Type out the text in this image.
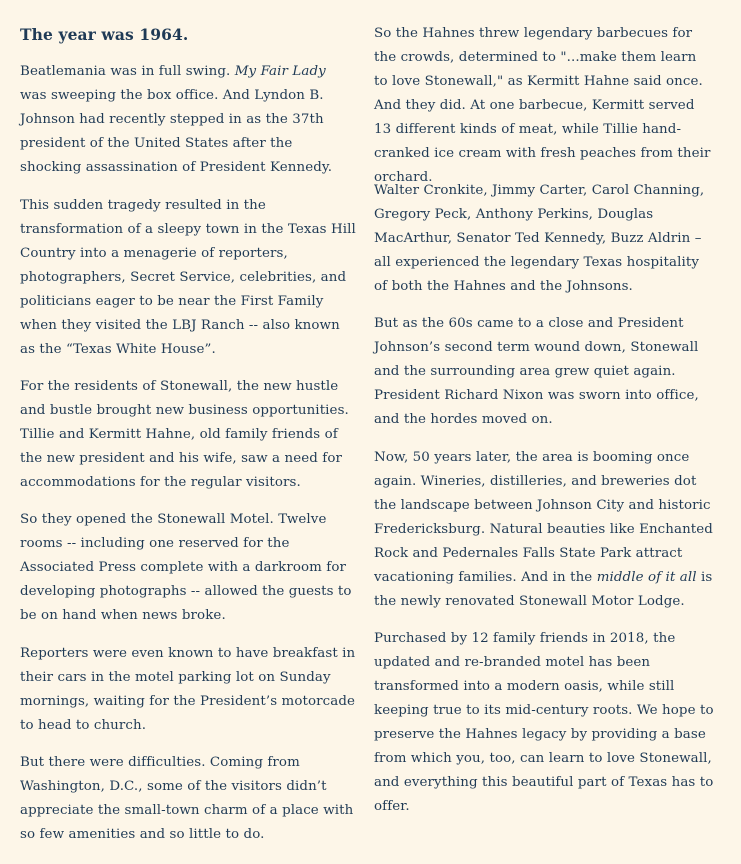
The year was 1964.

Beatlemania was in full swing. My Fair Lady was sweeping the box office. And Lyndon B. Johnson had recently stepped in as the 37th president of the United States after the shocking assassination of President Kennedy.

This sudden tragedy resulted in the transformation of a sleepy town in the Texas Hill Country into a menagerie of reporters, photographers, Secret Service, celebrities, and politicians eager to be near the First Family when they visited the LBJ Ranch -- also known as the “Texas White House”.

For the residents of Stonewall, the new hustle and bustle brought new business opportunities. Tillie and Kermitt Hahne, old family friends of the new president and his wife, saw a need for accommodations for the regular visitors.

So they opened the Stonewall Motel. Twelve rooms -- including one reserved for the Associated Press complete with a darkroom for developing photographs -- allowed the guests to be on hand when news broke.

Reporters were even known to have breakfast in their cars in the motel parking lot on Sunday mornings, waiting for the President’s motorcade to head to church.

But there were difficulties. Coming from Washington, D.C., some of the visitors didn’t appreciate the small-town charm of a place with so few amenities and so little to do.

So the Hahnes threw legendary barbecues for the crowds, determined to "...make them learn to love Stonewall," as Kermitt Hahne said once. And they did. At one barbecue, Kermitt served 13 different kinds of meat, while Tillie hand-cranked ice cream with fresh peaches from their orchard.

Walter Cronkite, Jimmy Carter, Carol Channing, Gregory Peck, Anthony Perkins, Douglas MacArthur, Senator Ted Kennedy, Buzz Aldrin – all experienced the legendary Texas hospitality of both the Hahnes and the Johnsons.

But as the 60s came to a close and President Johnson’s second term wound down, Stonewall and the surrounding area grew quiet again. President Richard Nixon was sworn into office, and the hordes moved on.

Now, 50 years later, the area is booming once again. Wineries, distilleries, and breweries dot the landscape between Johnson City and historic Fredericksburg. Natural beauties like Enchanted Rock and Pedernales Falls State Park attract vacationing families. And in the middle of it all is the newly renovated Stonewall Motor Lodge.

Purchased by 12 family friends in 2018, the updated and re-branded motel has been transformed into a modern oasis, while still keeping true to its mid-century roots. We hope to preserve the Hahnes legacy by providing a base from which you, too, can learn to love Stonewall, and everything this beautiful part of Texas has to offer.
